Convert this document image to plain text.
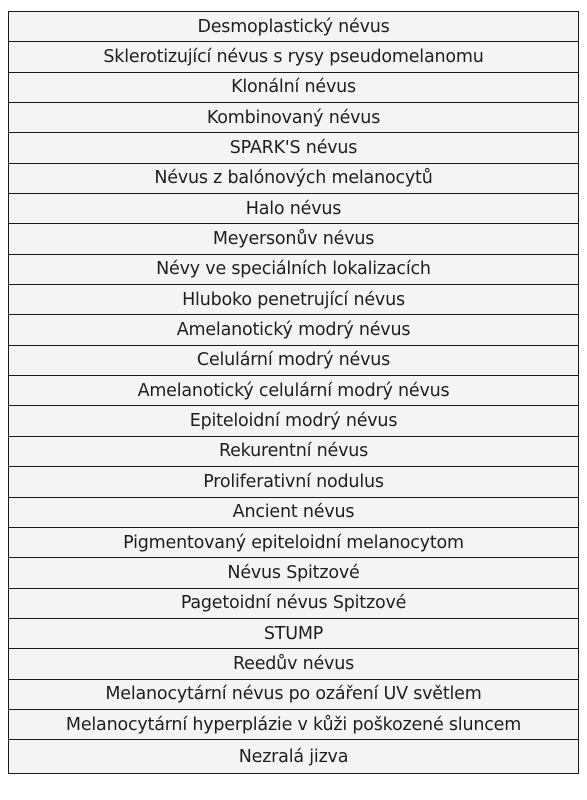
Desmoplastický névus
Sklerotizující névus s rysy pseudomelanomu
Klonální névus
Kombinovaný névus
SPARK'S névus
Névus z balónových melanocytů
Halo névus
Meyersonův névus
Névy ve speciálních lokalizacích
Hluboko penetrující névus
Amelanotický modrý névus
Celulární modrý névus
Amelanotický celulární modrý névus
Epiteloidní modrý névus
Rekurentní névus
Proliferativní nodulus
Ancient névus
Pigmentovaný epiteloidní melanocytom
Névus Spitzové
Pagetoidní névus Spitzové
STUMP
Reedův névus
Melanocytární névus po ozáření UV světlem
Melanocytární hyperplázie v kůži poškozené sluncem
Nezralá jizva
